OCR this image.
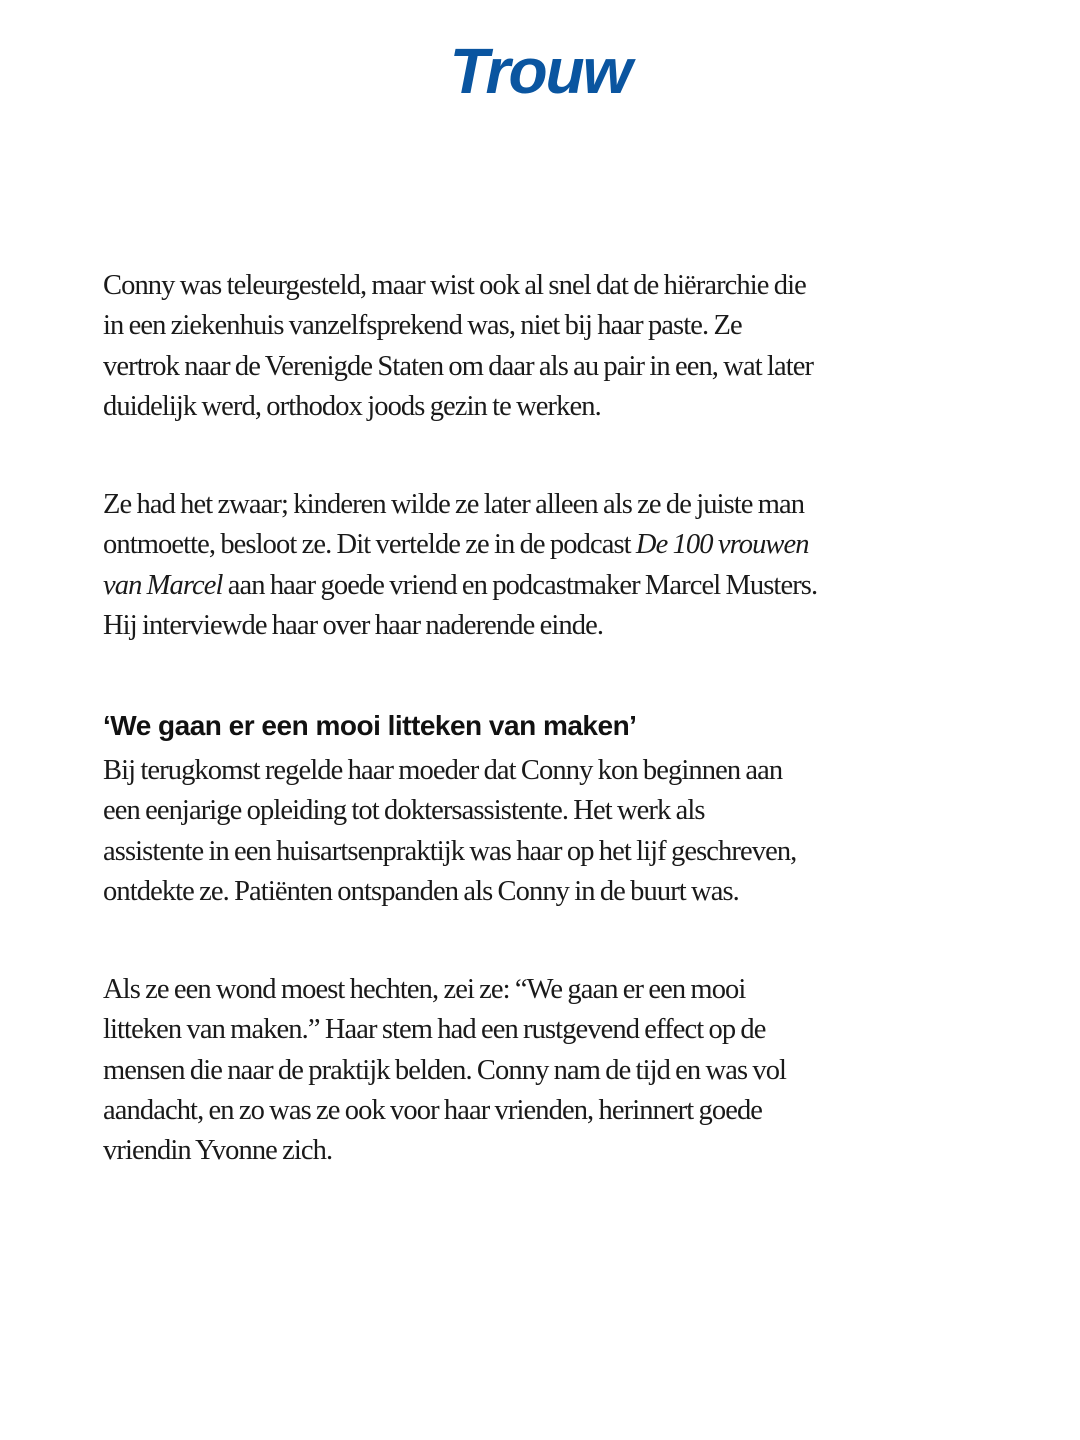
Trouw

Conny was teleurgesteld, maar wist ook al snel dat de hiërarchie die
in een ziekenhuis vanzelfsprekend was, niet bij haar paste. Ze
vertrok naar de Verenigde Staten om daar als au pair in een, wat later
duidelijk werd, orthodox joods gezin te werken.

Ze had het zwaar; kinderen wilde ze later alleen als ze de juiste man
ontmoette, besloot ze. Dit vertelde ze in de podcast De 100 vrouwen
van Marcel aan haar goede vriend en podcastmaker Marcel Musters.
Hij interviewde haar over haar naderende einde.

‘We gaan er een mooi litteken van maken’

Bij terugkomst regelde haar moeder dat Conny kon beginnen aan
een eenjarige opleiding tot doktersassistente. Het werk als
assistente in een huisartsenpraktijk was haar op het lijf geschreven,
ontdekte ze. Patiënten ontspanden als Conny in de buurt was.

Als ze een wond moest hechten, zei ze: “We gaan er een mooi
litteken van maken.” Haar stem had een rustgevend effect op de
mensen die naar de praktijk belden. Conny nam de tijd en was vol
aandacht, en zo was ze ook voor haar vrienden, herinnert goede
vriendin Yvonne zich.
